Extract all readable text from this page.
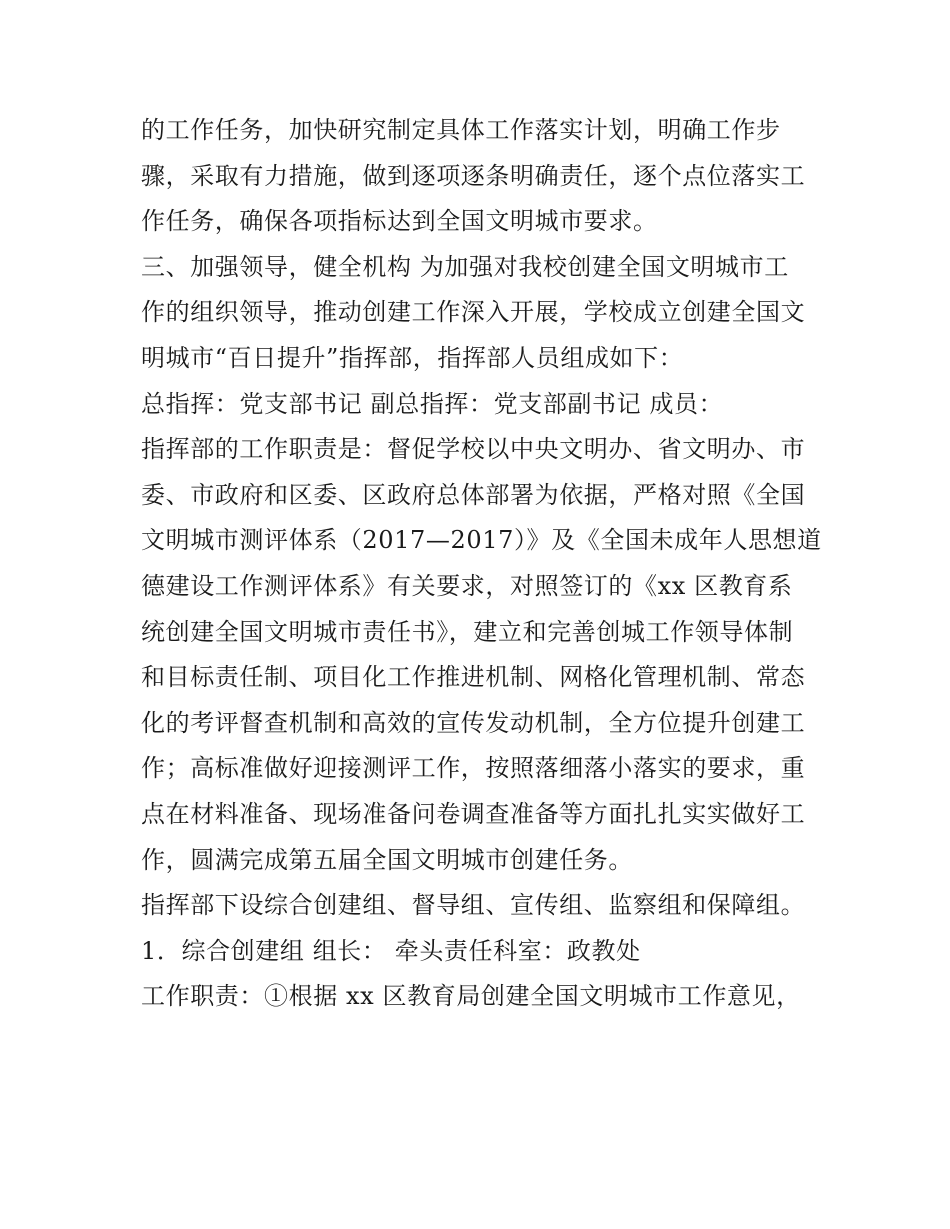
的工作任务，加快研究制定具体工作落实计划，明确工作步
骤，采取有力措施，做到逐项逐条明确责任，逐个点位落实工
作任务，确保各项指标达到全国文明城市要求。
三、加强领导，健全机构 为加强对我校创建全国文明城市工
作的组织领导，推动创建工作深入开展，学校成立创建全国文
明城市“百日提升”指挥部，指挥部人员组成如下：
总指挥：党支部书记 副总指挥：党支部副书记 成员：
指挥部的工作职责是：督促学校以中央文明办、省文明办、市
委、市政府和区委、区政府总体部署为依据，严格对照《全国
文明城市测评体系（2017—2017）》及《全国未成年人思想道
德建设工作测评体系》有关要求，对照签订的《xx 区教育系
统创建全国文明城市责任书》，建立和完善创城工作领导体制
和目标责任制、项目化工作推进机制、网格化管理机制、常态
化的考评督查机制和高效的宣传发动机制，全方位提升创建工
作；高标准做好迎接测评工作，按照落细落小落实的要求，重
点在材料准备、现场准备问卷调查准备等方面扎扎实实做好工
作，圆满完成第五届全国文明城市创建任务。
指挥部下设综合创建组、督导组、宣传组、监察组和保障组。
1．综合创建组 组长： 牵头责任科室：政教处
工作职责：①根据 xx 区教育局创建全国文明城市工作意见，
